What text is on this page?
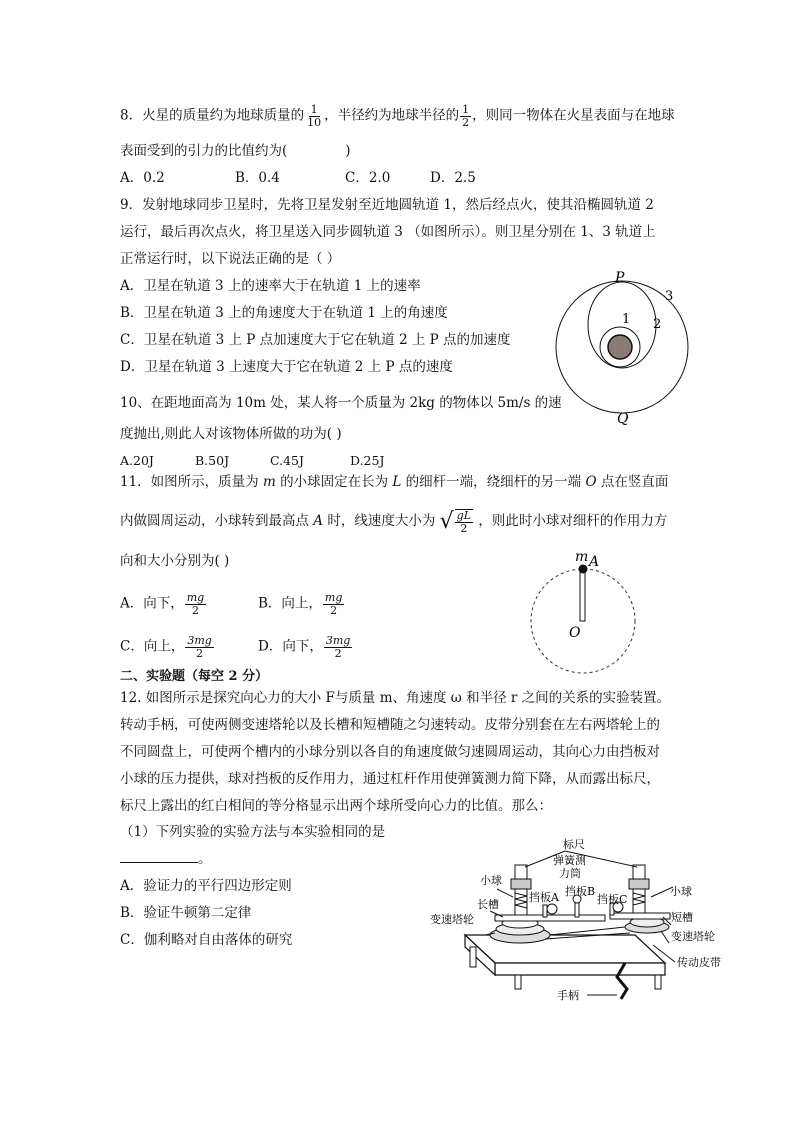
8．火星的质量约为地球质量的 $\frac{1}{10}$ ，半径约为地球半径的 $\frac{1}{2}$ ，则同一物体在火星表面与在地球
表面受到的引力的比值约为(	)
A．0.2	B．0.4	C．2.0	D．2.5
9．发射地球同步卫星时，先将卫星发射至近地圆轨道 1，然后经点火，使其沿椭圆轨道 2
运行，最后再次点火，将卫星送入同步圆轨道 3 （如图所示）。则卫星分别在 1、3 轨道上
正常运行时，以下说法正确的是（ ）
A．卫星在轨道 3 上的速率大于在轨道 1 上的速率
B．卫星在轨道 3 上的角速度大于在轨道 1 上的角速度
C．卫星在轨道 3 上 P 点加速度大于它在轨道 2 上 P 点的加速度
D．卫星在轨道 3 上速度大于它在轨道 2 上 P 点的速度
P
Q
1 2
3
10、在距地面高为 10m 处，某人将一个质量为 2kg 的物体以 5m/s 的速
度抛出,则此人对该物体所做的功为( )
A.20J	B.50J	C.45J	D.25J
11．如图所示，质量为 m 的小球固定在长为 L 的细杆一端，绕细杆的另一端 O 点在竖直面
内做圆周运动，小球转到最高点 A 时，线速度大小为 √ $\frac{gL}{2}$ ，则此时小球对细杆的作用力方
向和大小分别为( )
A．向下， $\frac{mg}{2}$	B．向上， $\frac{mg}{2}$
C．向上， $\frac{3mg}{2}$	D．向下， $\frac{3mg}{2}$
m A
O
二、实验题（每空 2 分）
12. 如图所示是探究向心力的大小 F与质量 m、角速度 ω 和半径 r 之间的关系的实验装置。
转动手柄，可使两侧变速塔轮以及长槽和短槽随之匀速转动。皮带分别套在左右两塔轮上的
不同圆盘上，可使两个槽内的小球分别以各自的角速度做匀速圆周运动，其向心力由挡板对
小球的压力提供，球对挡板的反作用力，通过杠杆作用使弹簧测力简下降，从而露出标尺，
标尺上露出的红白相间的等分格显示出两个球所受向心力的比值。那么：
（1）下列实验的实验方法与本实验相同的是
。
A．验证力的平行四边形定则
B．验证牛顿第二定律
C．伽利略对自由落体的研究
标尺
弹簧测
力筒
小球
小球
挡板A 挡板B
挡板C
长槽
短槽
变速塔轮
变速塔轮
传动皮带
手柄
